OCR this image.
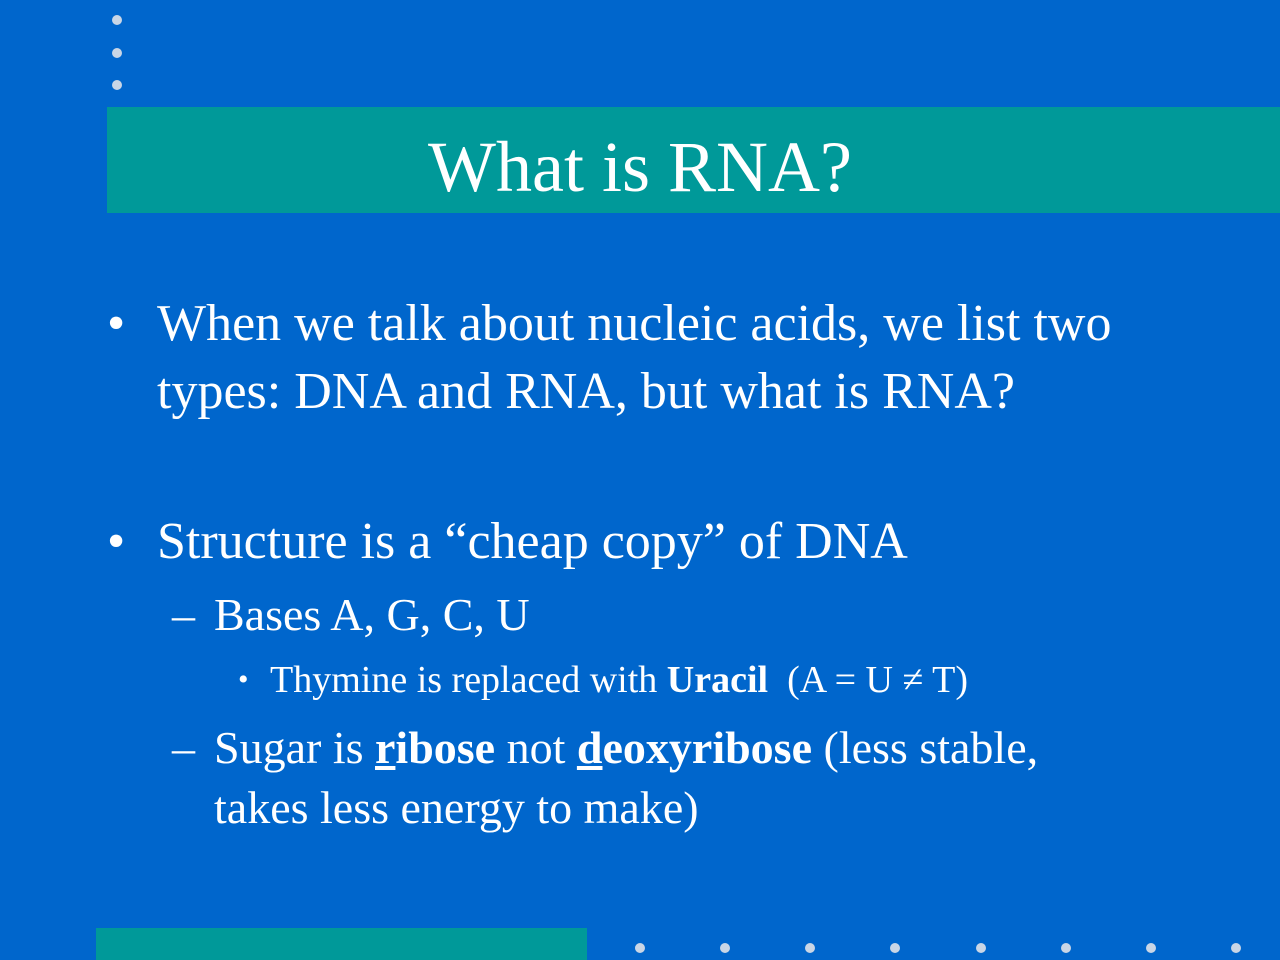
What is RNA?
• When we talk about nucleic acids, we list two types: DNA and RNA, but what is RNA?
• Structure is a “cheap copy” of DNA
– Bases A, G, C, U
• Thymine is replaced with Uracil  (A = U ≠ T)
– Sugar is ribose not deoxyribose (less stable, takes less energy to make)
